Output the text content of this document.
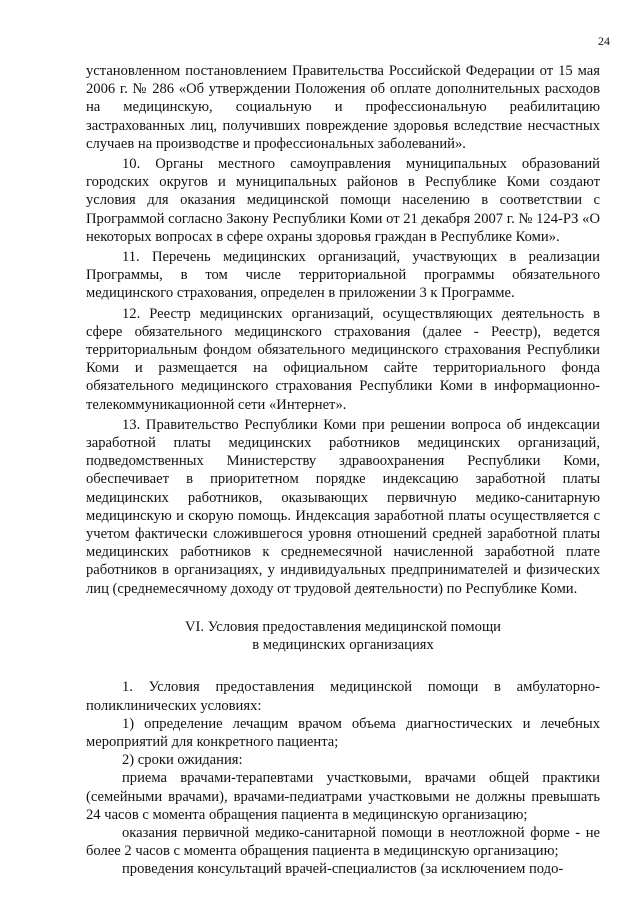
24

установленном постановлением Правительства Российской Федерации от 15 мая 2006 г. № 286 «Об утверждении Положения об оплате дополнительных расходов на медицинскую, социальную и профессиональную реабилитацию застрахованных лиц, получивших повреждение здоровья вследствие несчастных случаев на производстве и профессиональных заболеваний».

10. Органы местного самоуправления муниципальных образований городских округов и муниципальных районов в Республике Коми создают условия для оказания медицинской помощи населению в соответствии с Программой согласно Закону Республики Коми от 21 декабря 2007 г. № 124-РЗ «О некоторых вопросах в сфере охраны здоровья граждан в Республике Коми».

11. Перечень медицинских организаций, участвующих в реализации Программы, в том числе территориальной программы обязательного медицинского страхования, определен в приложении 3 к Программе.

12. Реестр медицинских организаций, осуществляющих деятельность в сфере обязательного медицинского страхования (далее - Реестр), ведется территориальным фондом обязательного медицинского страхования Республики Коми и размещается на официальном сайте территориального фонда обязательного медицинского страхования Республики Коми в информационно-телекоммуникационной сети «Интернет».

13. Правительство Республики Коми при решении вопроса об индексации заработной платы медицинских работников медицинских организаций, подведомственных Министерству здравоохранения Республики Коми, обеспечивает в приоритетном порядке индексацию заработной платы медицинских работников, оказывающих первичную медико-санитарную медицинскую и скорую помощь. Индексация заработной платы осуществляется с учетом фактически сложившегося уровня отношений средней заработной платы медицинских работников к среднемесячной начисленной заработной плате работников в организациях, у индивидуальных предпринимателей и физических лиц (среднемесячному доходу от трудовой деятельности) по Республике Коми.

VI. Условия предоставления медицинской помощи
в медицинских организациях

1. Условия предоставления медицинской помощи в амбулаторно-поликлинических условиях:

1) определение лечащим врачом объема диагностических и лечебных мероприятий для конкретного пациента;

2) сроки ожидания:

приема врачами-терапевтами участковыми, врачами общей практики (семейными врачами), врачами-педиатрами участковыми не должны превышать 24 часов с момента обращения пациента в медицинскую организацию;

оказания первичной медико-санитарной помощи в неотложной форме - не более 2 часов с момента обращения пациента в медицинскую организацию;

проведения консультаций врачей-специалистов (за исключением подо-
